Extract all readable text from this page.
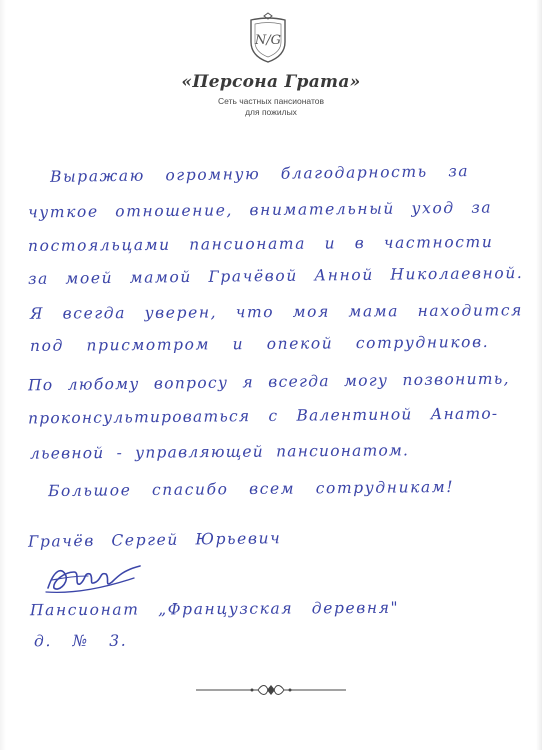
N/G
«Персона Грата»
Сеть частных пансионатов
для пожилых
Выражаю огромную благодарность за
чуткое отношение, внимательный уход за
постояльцами пансионата и в частности
за моей мамой Грачёвой Анной Николаевной.
Я всегда уверен, что моя мама находится
под присмотром и опекой сотрудников.
По любому вопросу я всегда могу позвонить,
проконсультироваться с Валентиной Анато-
льевной - управляющей пансионатом.
Большое спасибо всем сотрудникам!
Грачёв Сергей Юрьевич
Пансионат „Французская деревня"
д. № 3.
